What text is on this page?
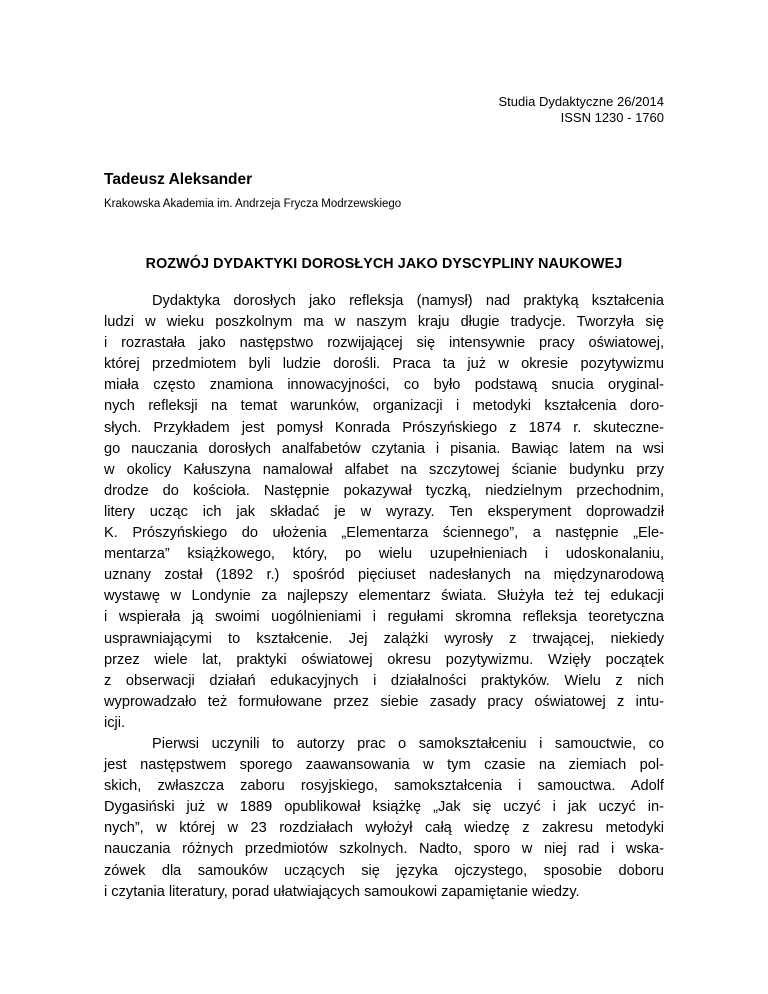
Studia Dydaktyczne 26/2014
ISSN 1230 - 1760
Tadeusz Aleksander
Krakowska Akademia im. Andrzeja Frycza Modrzewskiego
ROZWÓJ DYDAKTYKI DOROSŁYCH JAKO DYSCYPLINY NAUKOWEJ
Dydaktyka dorosłych jako refleksja (namysł) nad praktyką kształcenia
ludzi w wieku poszkolnym ma w naszym kraju długie tradycje. Tworzyła się
i rozrastała jako następstwo rozwijającej się intensywnie pracy oświatowej,
której przedmiotem byli ludzie dorośli. Praca ta już w okresie pozytywizmu
miała często znamiona innowacyjności, co było podstawą snucia oryginal-
nych refleksji na temat warunków, organizacji i metodyki kształcenia doro-
słych. Przykładem jest pomysł Konrada Prószyńskiego z 1874 r. skuteczne-
go nauczania dorosłych analfabetów czytania i pisania. Bawiąc latem na wsi
w okolicy Kałuszyna namalował alfabet na szczytowej ścianie budynku przy
drodze do kościoła. Następnie pokazywał tyczką, niedzielnym przechodnim,
litery ucząc ich jak składać je w wyrazy. Ten eksperyment doprowadził
K. Prószyńskiego do ułożenia „Elementarza ściennego”, a następnie „Ele-
mentarza” książkowego, który, po wielu uzupełnieniach i udoskonalaniu,
uznany został (1892 r.) spośród pięciuset nadesłanych na międzynarodową
wystawę w Londynie za najlepszy elementarz świata. Służyła też tej edukacji
i wspierała ją swoimi uogólnieniami i regułami skromna refleksja teoretyczna
usprawniającymi to kształcenie. Jej zalążki wyrosły z trwającej, niekiedy
przez wiele lat, praktyki oświatowej okresu pozytywizmu. Wzięły początek
z obserwacji działań edukacyjnych i działalności praktyków. Wielu z nich
wyprowadzało też formułowane przez siebie zasady pracy oświatowej z intu-
icji.
Pierwsi uczynili to autorzy prac o samokształceniu i samouctwie, co
jest następstwem sporego zaawansowania w tym czasie na ziemiach pol-
skich, zwłaszcza zaboru rosyjskiego, samokształcenia i samouctwa. Adolf
Dygasiński już w 1889 opublikował książkę „Jak się uczyć i jak uczyć in-
nych”, w której w 23 rozdziałach wyłożył całą wiedzę z zakresu metodyki
nauczania różnych przedmiotów szkolnych. Nadto, sporo w niej rad i wska-
zówek dla samouków uczących się języka ojczystego, sposobie doboru
i czytania literatury, porad ułatwiających samoukowi zapamiętanie wiedzy.
